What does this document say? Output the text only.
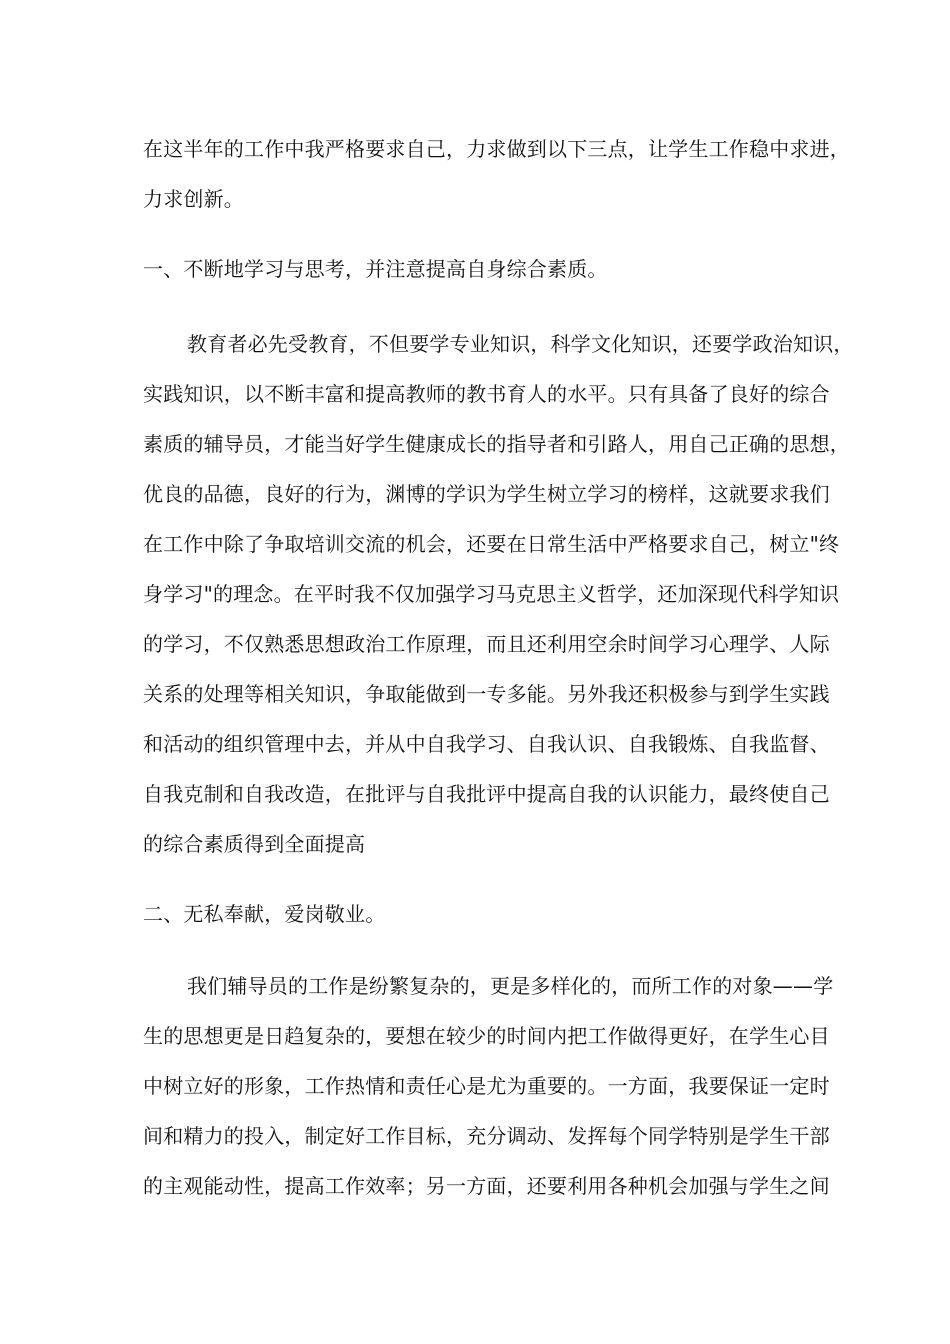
在这半年的工作中我严格要求自己，力求做到以下三点，让学生工作稳中求进，
力求创新。
一、不断地学习与思考，并注意提高自身综合素质。
教育者必先受教育，不但要学专业知识，科学文化知识，还要学政治知识，
实践知识，以不断丰富和提高教师的教书育人的水平。只有具备了良好的综合
素质的辅导员，才能当好学生健康成长的指导者和引路人，用自己正确的思想，
优良的品德，良好的行为，渊博的学识为学生树立学习的榜样，这就要求我们
在工作中除了争取培训交流的机会，还要在日常生活中严格要求自己，树立"终
身学习"的理念。在平时我不仅加强学习马克思主义哲学，还加深现代科学知识
的学习，不仅熟悉思想政治工作原理，而且还利用空余时间学习心理学、人际
关系的处理等相关知识，争取能做到一专多能。另外我还积极参与到学生实践
和活动的组织管理中去，并从中自我学习、自我认识、自我锻炼、自我监督、
自我克制和自我改造，在批评与自我批评中提高自我的认识能力，最终使自己
的综合素质得到全面提高
二、无私奉献，爱岗敬业。
我们辅导员的工作是纷繁复杂的，更是多样化的，而所工作的对象——学
生的思想更是日趋复杂的，要想在较少的时间内把工作做得更好，在学生心目
中树立好的形象，工作热情和责任心是尤为重要的。一方面，我要保证一定时
间和精力的投入，制定好工作目标，充分调动、发挥每个同学特别是学生干部
的主观能动性，提高工作效率；另一方面，还要利用各种机会加强与学生之间
